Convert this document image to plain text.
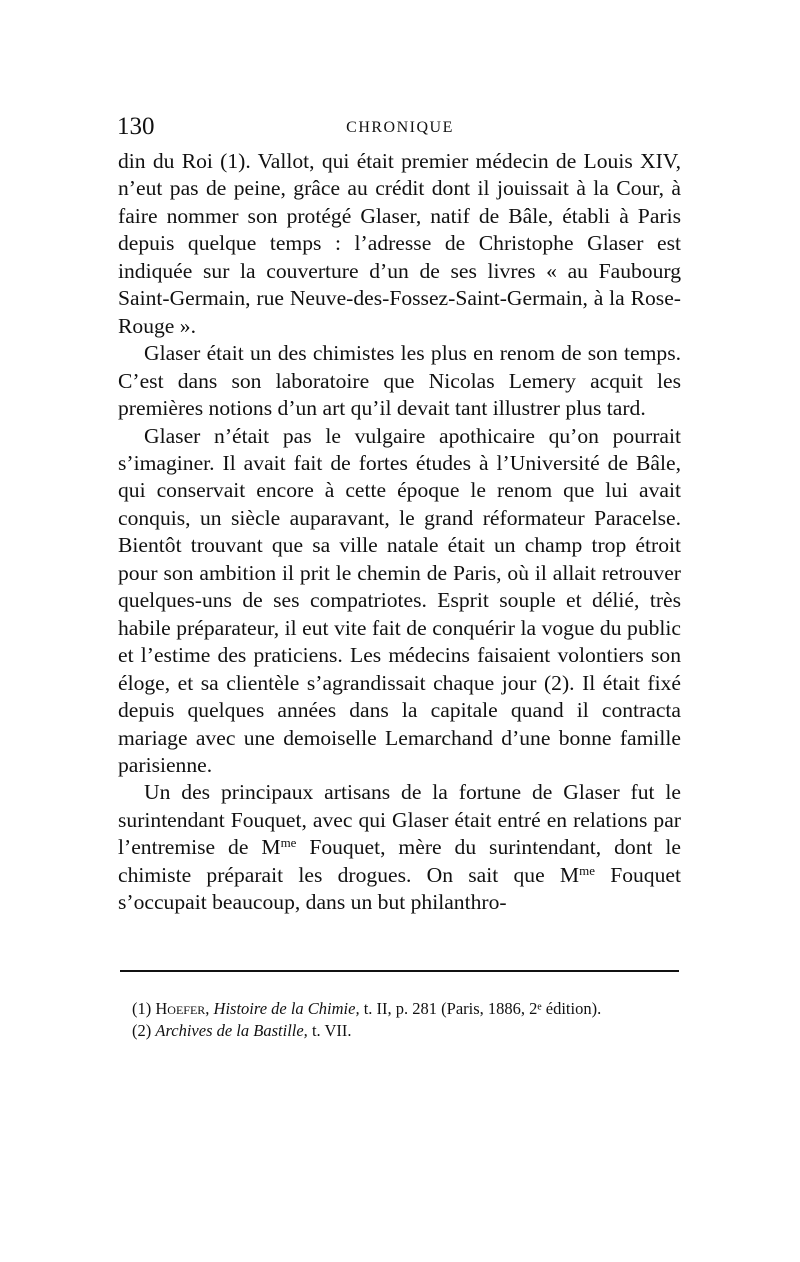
130	CHRONIQUE

din du Roi (1). Vallot, qui était premier médecin de Louis XIV, n’eut pas de peine, grâce au crédit dont il jouissait à la Cour, à faire nommer son protégé Glaser, natif de Bâle, établi à Paris depuis quelque temps : l’adresse de Christophe Glaser est indiquée sur la couverture d’un de ses livres « au Faubourg Saint-Germain, rue Neuve-des-Fossez-Saint-Germain, à la Rose-Rouge ».

Glaser était un des chimistes les plus en renom de son temps. C’est dans son laboratoire que Nicolas Lemery acquit les premières notions d’un art qu’il devait tant illustrer plus tard.

Glaser n’était pas le vulgaire apothicaire qu’on pourrait s’imaginer. Il avait fait de fortes études à l’Université de Bâle, qui conservait encore à cette époque le renom que lui avait conquis, un siècle auparavant, le grand réformateur Paracelse. Bientôt trouvant que sa ville natale était un champ trop étroit pour son ambition il prit le chemin de Paris, où il allait retrouver quelques-uns de ses compatriotes. Esprit souple et délié, très habile préparateur, il eut vite fait de conquérir la vogue du public et l’estime des praticiens. Les médecins faisaient volontiers son éloge, et sa clientèle s’agrandissait chaque jour (2). Il était fixé depuis quelques années dans la capitale quand il contracta mariage avec une demoiselle Lemarchand d’une bonne famille parisienne.

Un des principaux artisans de la fortune de Glaser fut le surintendant Fouquet, avec qui Glaser était entré en relations par l’entremise de $M^{me}$ Fouquet, mère du surintendant, dont le chimiste préparait les drogues. On sait que $M^{me}$ Fouquet s’occupait beaucoup, dans un but philanthro-

(1) Hoefer, Histoire de la Chimie, t. II, p. 281 (Paris, 1886, 2ᵉ édition).

(2) Archives de la Bastille, t. VII.
